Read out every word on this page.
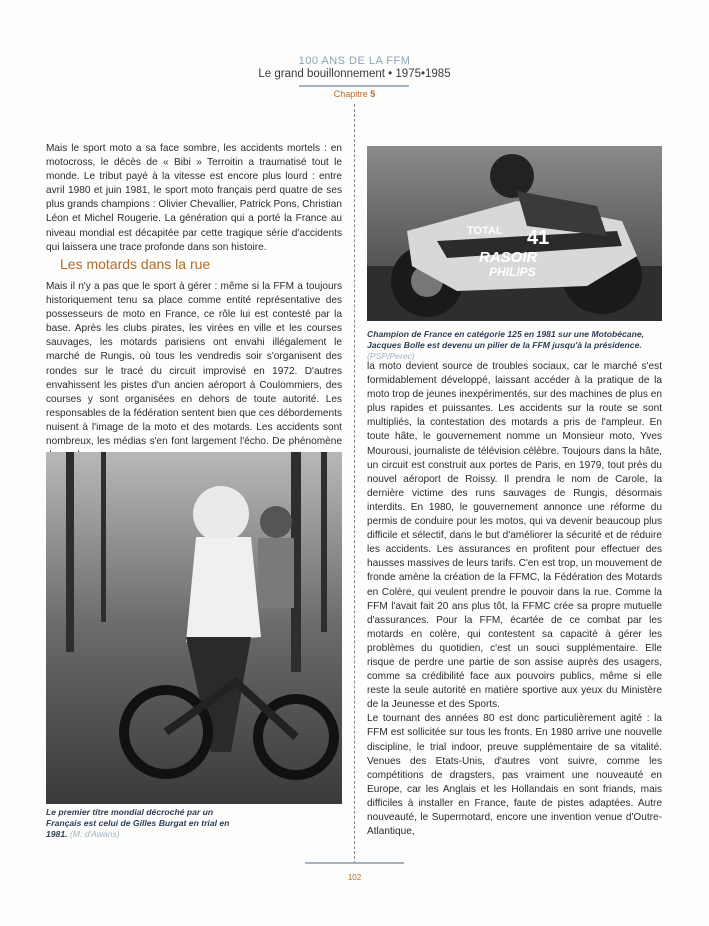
100 ANS DE LA FFM
Le grand bouillonnement • 1975•1985
Chapitre 5

Mais le sport moto a sa face sombre, les accidents mortels : en motocross, le décès de « Bibi » Terroitin a traumatisé tout le monde. Le tribut payé à la vitesse est encore plus lourd : entre avril 1980 et juin 1981, le sport moto français perd quatre de ses plus grands champions : Olivier Chevallier, Patrick Pons, Christian Léon et Michel Rougerie. La génération qui a porté la France au niveau mondial est décapitée par cette tragique série d'accidents qui laissera une trace profonde dans son histoire.

Les motards dans la rue

Mais il n'y a pas que le sport à gérer : même si la FFM a toujours historiquement tenu sa place comme entité représentative des possesseurs de moto en France, ce rôle lui est contesté par la base. Après les clubs pirates, les virées en ville et les courses sauvages, les motards parisiens ont envahi illégalement le marché de Rungis, où tous les vendredis soir s'organisent des rondes sur le tracé du circuit improvisé en 1972. D'autres envahissent les pistes d'un ancien aéroport à Coulommiers, des courses y sont organisées en dehors de toute autorité. Les responsables de la fédération sentent bien que ces débordements nuisent à l'image de la moto et des motards. Les accidents sont nombreux, les médias s'en font largement l'écho. De phénomène

TOTAL 41
RASOIR
PHILIPS
Champion de France en catégorie 125 en 1981 sur une Motobécane, Jacques Bolle est devenu un pilier de la FFM jusqu'à la présidence. (PSP/Perec)

la moto devient source de troubles sociaux, car le marché s'est formidablement développé, laissant accéder à la pratique de la moto trop de jeunes inexpérimentés, sur des machines de plus en plus rapides et puissantes. Les accidents sur la route se sont multipliés, la contestation des motards a pris de l'ampleur. En toute hâte, le gouvernement nomme un Monsieur moto, Yves Mourousi, journaliste de télévision célèbre. Toujours dans la hâte, un circuit est construit aux portes de Paris, en 1979, tout près du nouvel aéroport de Roissy. Il prendra le nom de Carole, la dernière victime des runs sauvages de Rungis, désormais interdits. En 1980, le gouvernement annonce une réforme du permis de conduire pour les motos, qui va devenir beaucoup plus difficile et sélectif, dans le but d'améliorer la sécurité et de réduire les accidents. Les assurances en profitent pour effectuer des hausses massives de leurs tarifs. C'en est trop, un mouvement de fronde amène la création de la FFMC, la Fédération des Motards en Colère, qui veulent prendre le pouvoir dans la rue. Comme la FFM l'avait fait 20 ans plus tôt, la FFMC crée sa propre mutuelle d'assurances. Pour la FFM, écartée de ce combat par les motards en colère, qui contestent sa capacité à gérer les problèmes du quotidien, c'est un souci supplémentaire. Elle risque de perdre une partie de son assise auprès des usagers, comme sa crédibilité face aux pouvoirs publics, même si elle reste la seule autorité en matière sportive aux yeux du Ministère de la Jeunesse et des Sports.

Le tournant des années 80 est donc particulièrement agité : la FFM est sollicitée sur tous les fronts. En 1980 arrive une nouvelle discipline, le trial indoor, preuve supplémentaire de sa vitalité. Venues des Etats-Unis, d'autres vont suivre, comme les compétitions de dragsters, pas vraiment une nouveauté en Europe, car les Anglais et les Hollandais en sont friands, mais difficiles à installer en France, faute de pistes adaptées. Autre nouveauté, le Supermotard, encore une invention venue d'Outre-Atlantique,

Le premier titre mondial décroché par un Français est celui de Gilles Burgat en trial en 1981. (M. d'Awans)
102
